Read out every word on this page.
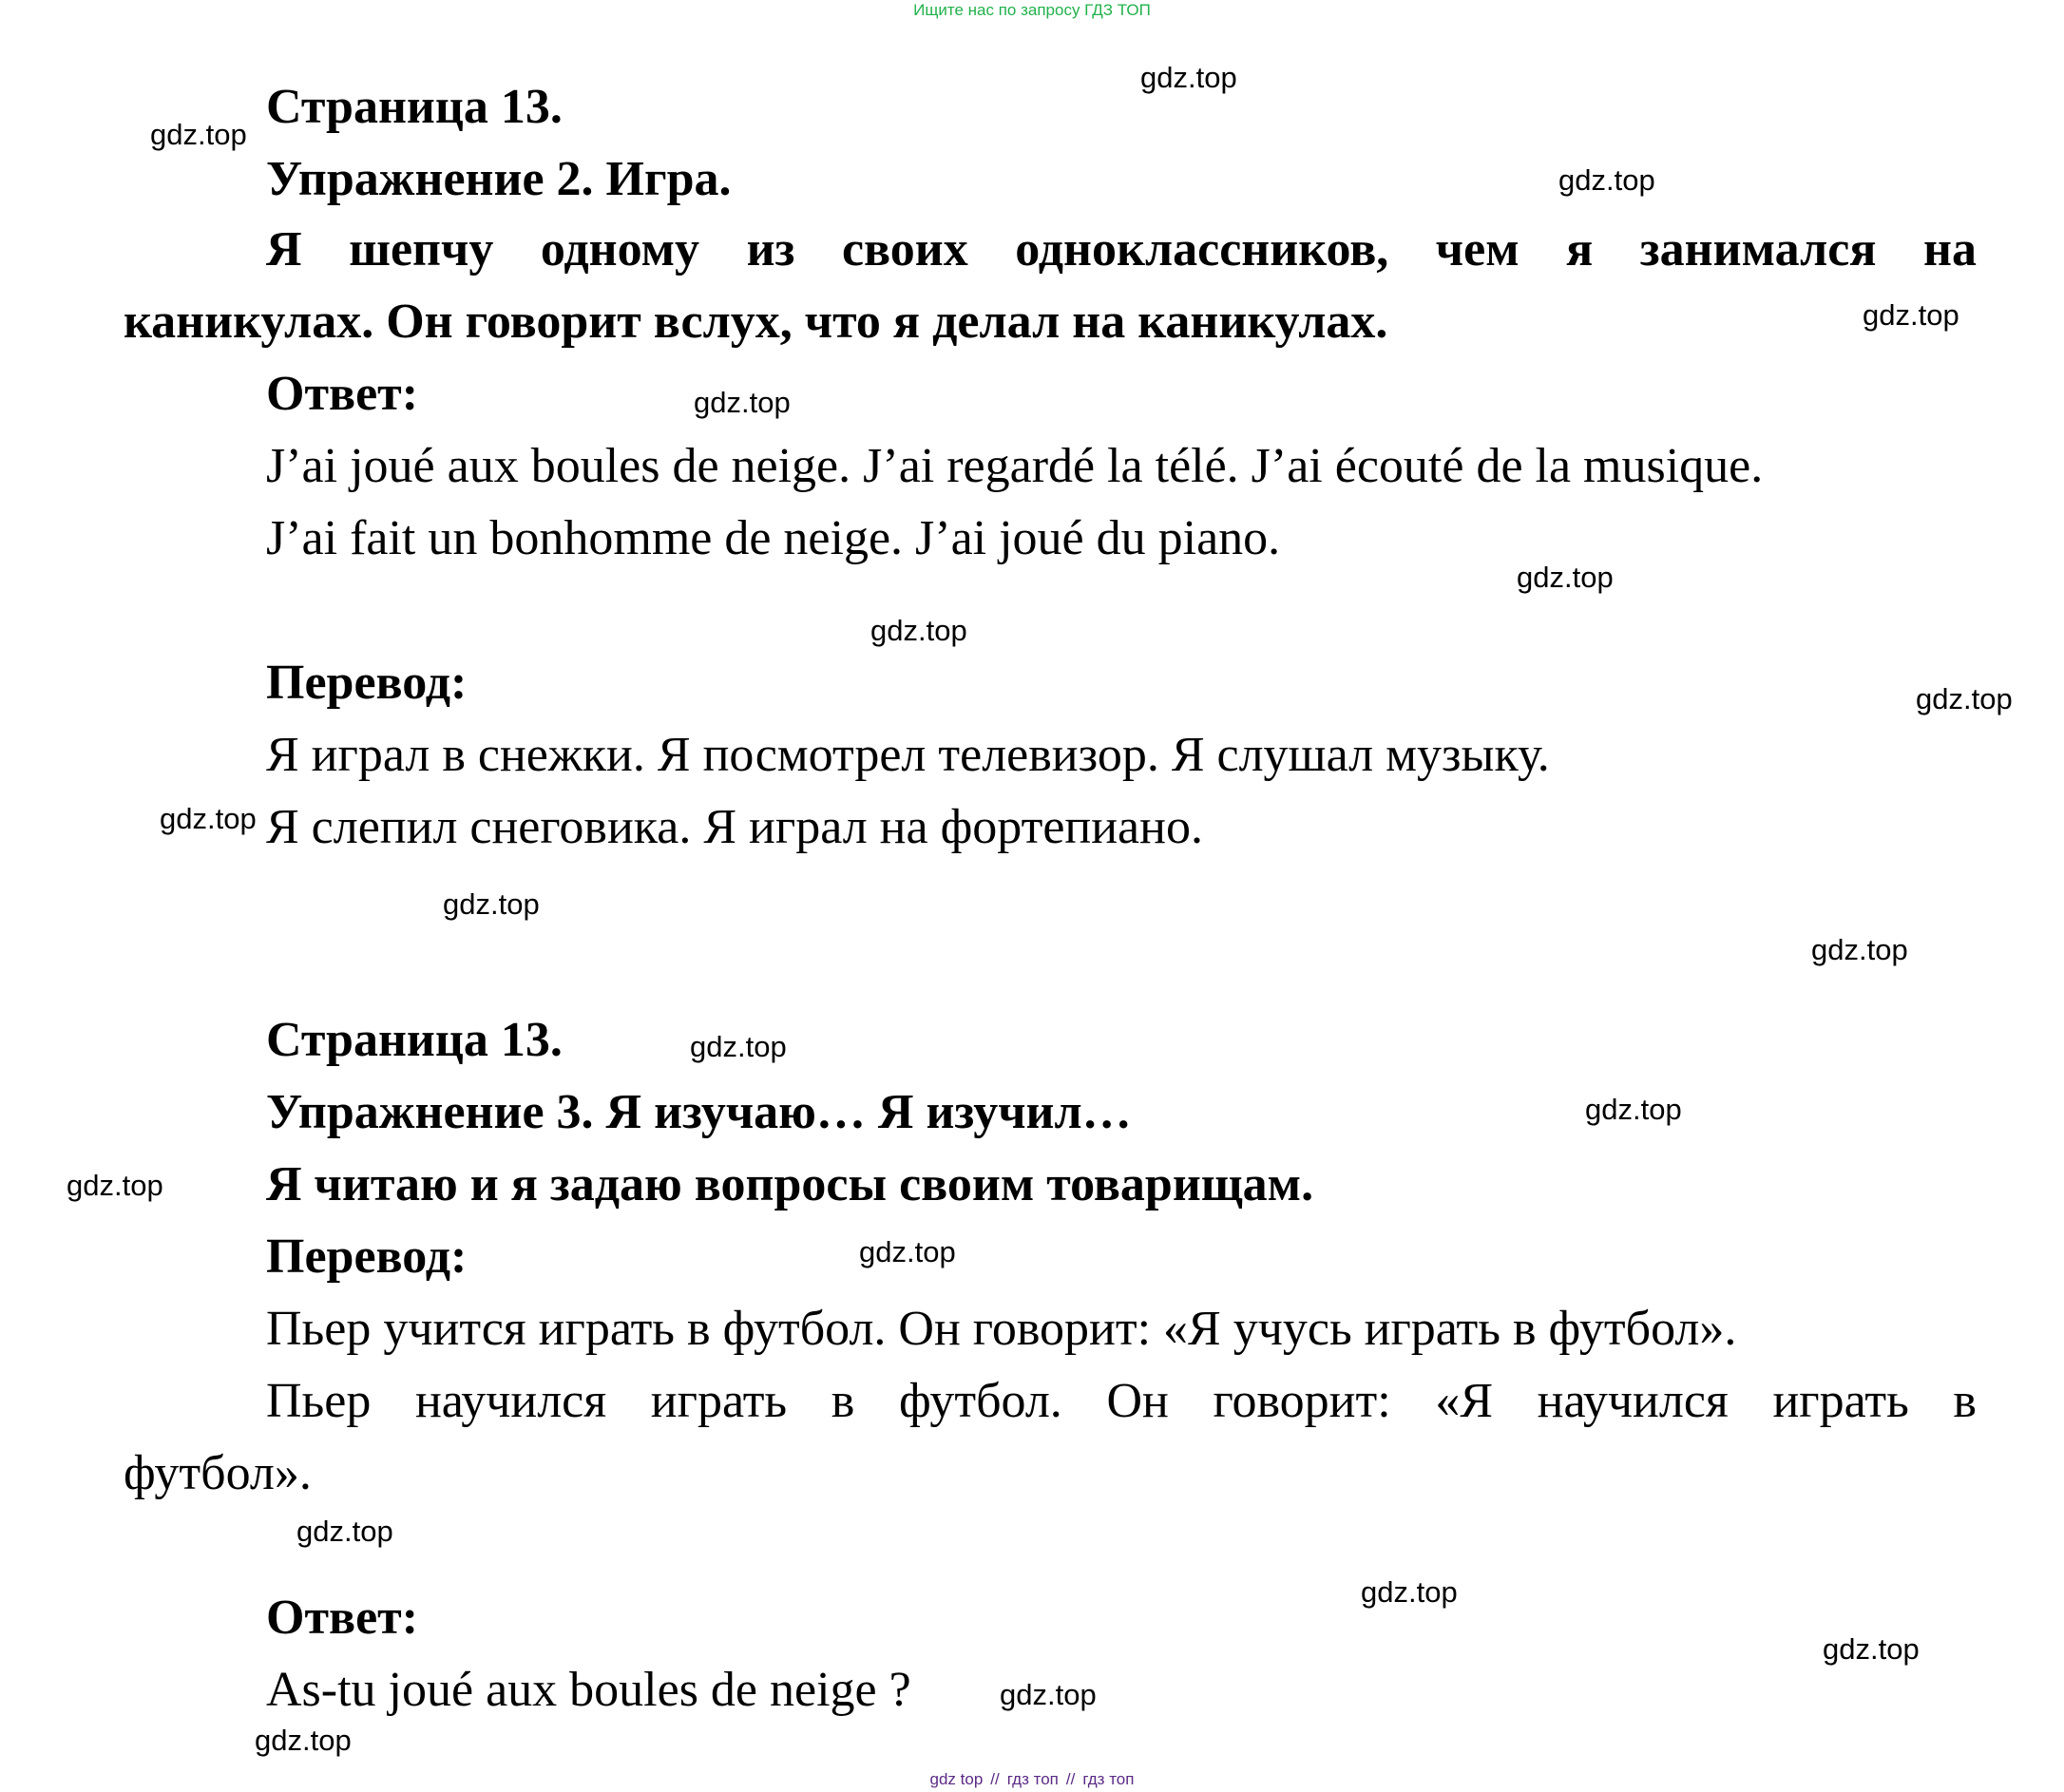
Ищите нас по запросу ГДЗ ТОП
Страница 13.
Упражнение 2. Игра.
Я шепчу одному из своих одноклассников, чем я занимался на
каникулах. Он говорит вслух, что я делал на каникулах.
Ответ:
J’ai joué aux boules de neige. J’ai regardé la télé. J’ai écouté de la musique.
J’ai fait un bonhomme de neige. J’ai joué du piano.
Перевод:
Я играл в снежки. Я посмотрел телевизор. Я слушал музыку.
Я слепил снеговика. Я играл на фортепиано.
Страница 13.
Упражнение 3. Я изучаю… Я изучил…
Я читаю и я задаю вопросы своим товарищам.
Перевод:
Пьер учится играть в футбол. Он говорит: «Я учусь играть в футбол».
Пьер научился играть в футбол. Он говорит: «Я научился играть в
футбол».
Ответ:
As-tu joué aux boules de neige ?
gdz.top
gdz.top
gdz.top
gdz.top
gdz.top
gdz.top
gdz.top
gdz.top
gdz.top
gdz.top
gdz.top
gdz.top
gdz.top
gdz.top
gdz.top
gdz.top
gdz.top
gdz.top
gdz.top
gdz.top
gdz top // гдз топ // гдз топ
